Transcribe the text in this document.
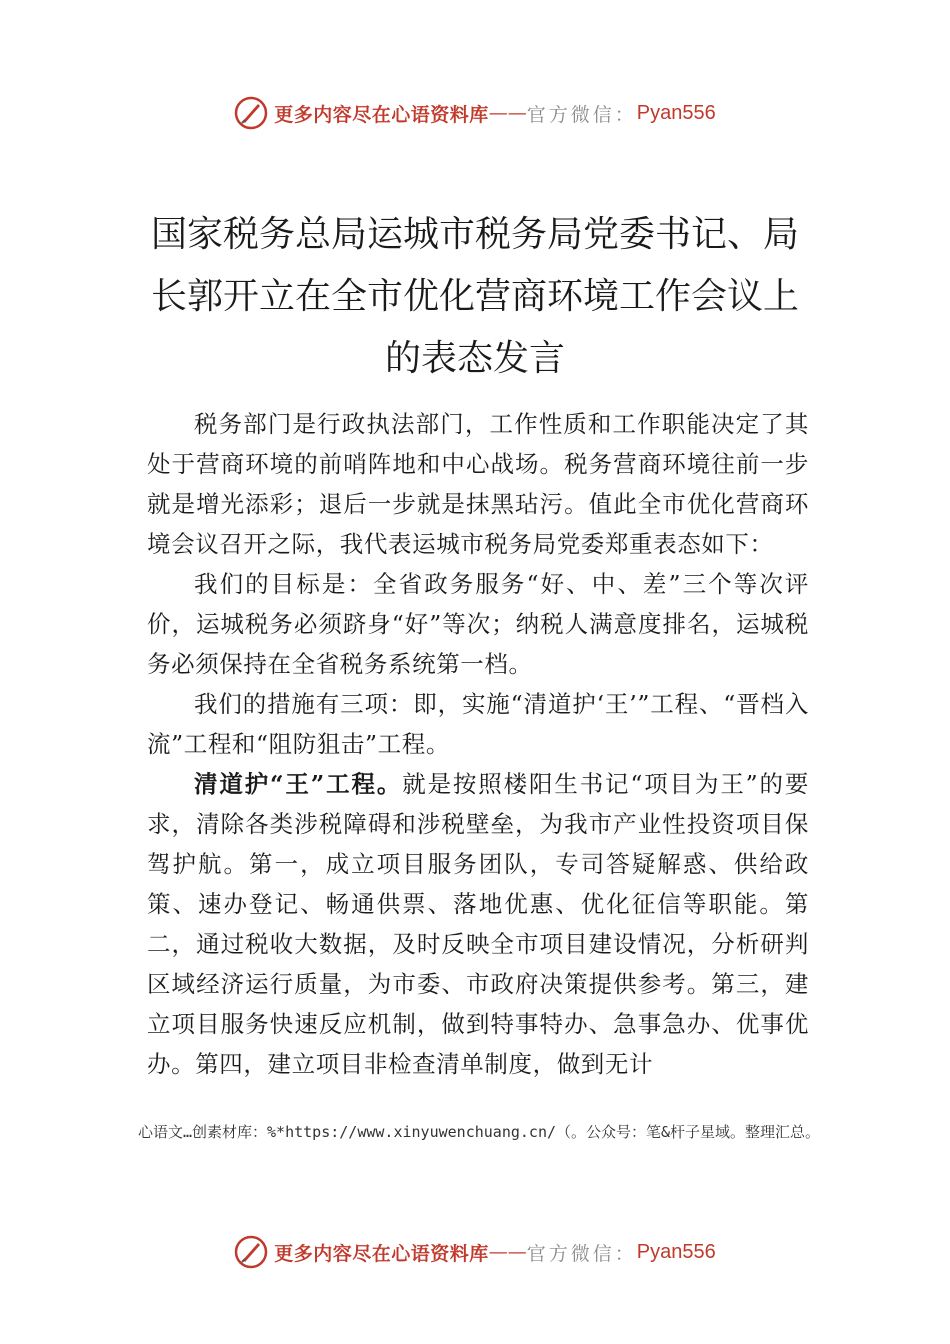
更多内容尽在心语资料库 —— 官方微信： Pyan556
国家税务总局运城市税务局党委书记、局
长郭开立在全市优化营商环境工作会议上
的表态发言

税务部门是行政执法部门，工作性质和工作职能决定了其处于营商环境的前哨阵地和中心战场。税务营商环境往前一步就是增光添彩；退后一步就是抹黑玷污。值此全市优化营商环境会议召开之际，我代表运城市税务局党委郑重表态如下：

我们的目标是：全省政务服务“好、中、差”三个等次评价，运城税务必须跻身“好”等次；纳税人满意度排名，运城税务必须保持在全省税务系统第一档。

我们的措施有三项：即，实施“清道护‘王’”工程、“晋档入流”工程和“阻防狙击”工程。

清道护“王”工程。就是按照楼阳生书记“项目为王”的要求，清除各类涉税障碍和涉税壁垒，为我市产业性投资项目保驾护航。第一，成立项目服务团队，专司答疑解惑、供给政策、速办登记、畅通供票、落地优惠、优化征信等职能。第二，通过税收大数据，及时反映全市项目建设情况，分析研判区域经济运行质量，为市委、市政府决策提供参考。第三，建立项目服务快速反应机制，做到特事特办、急事急办、优事优办。第四，建立项目非检查清单制度，做到无计

心语文…创素材库：%*https://www.xinyuwenchuang.cn/（。公众号：笔&杆子星域。整理汇总。
更多内容尽在心语资料库 —— 官方微信： Pyan556
